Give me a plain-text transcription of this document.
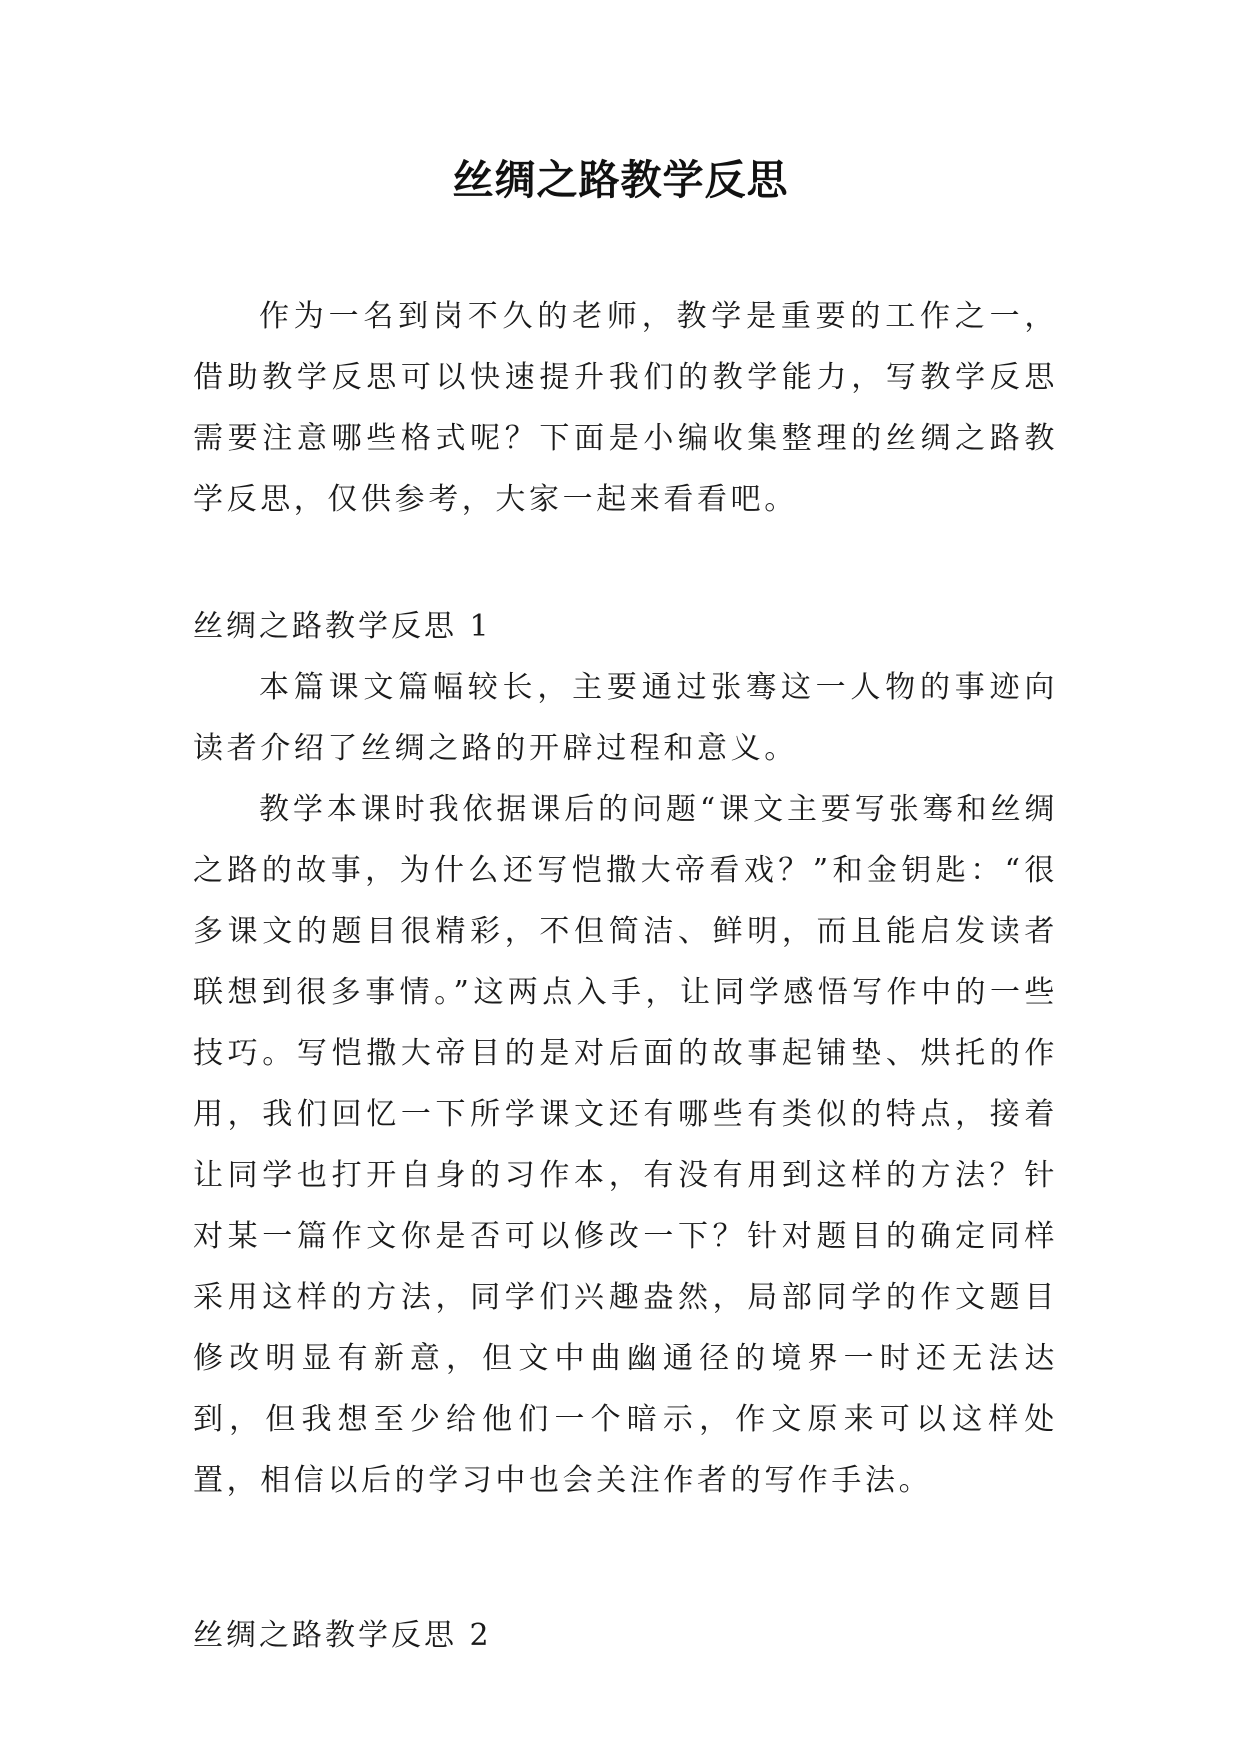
丝绸之路教学反思

作为一名到岗不久的老师，教学是重要的工作之一，借助教学反思可以快速提升我们的教学能力，写教学反思需要注意哪些格式呢？下面是小编收集整理的丝绸之路教学反思，仅供参考，大家一起来看看吧。

丝绸之路教学反思 1

本篇课文篇幅较长，主要通过张骞这一人物的事迹向读者介绍了丝绸之路的开辟过程和意义。

教学本课时我依据课后的问题“课文主要写张骞和丝绸之路的故事，为什么还写恺撒大帝看戏？”和金钥匙：“很多课文的题目很精彩，不但简洁、鲜明，而且能启发读者联想到很多事情。”这两点入手，让同学感悟写作中的一些技巧。写恺撒大帝目的是对后面的故事起铺垫、烘托的作用，我们回忆一下所学课文还有哪些有类似的特点，接着让同学也打开自身的习作本，有没有用到这样的方法？针对某一篇作文你是否可以修改一下？针对题目的确定同样采用这样的方法，同学们兴趣盎然，局部同学的作文题目修改明显有新意，但文中曲幽通径的境界一时还无法达到，但我想至少给他们一个暗示，作文原来可以这样处置，相信以后的学习中也会关注作者的写作手法。

丝绸之路教学反思 2
